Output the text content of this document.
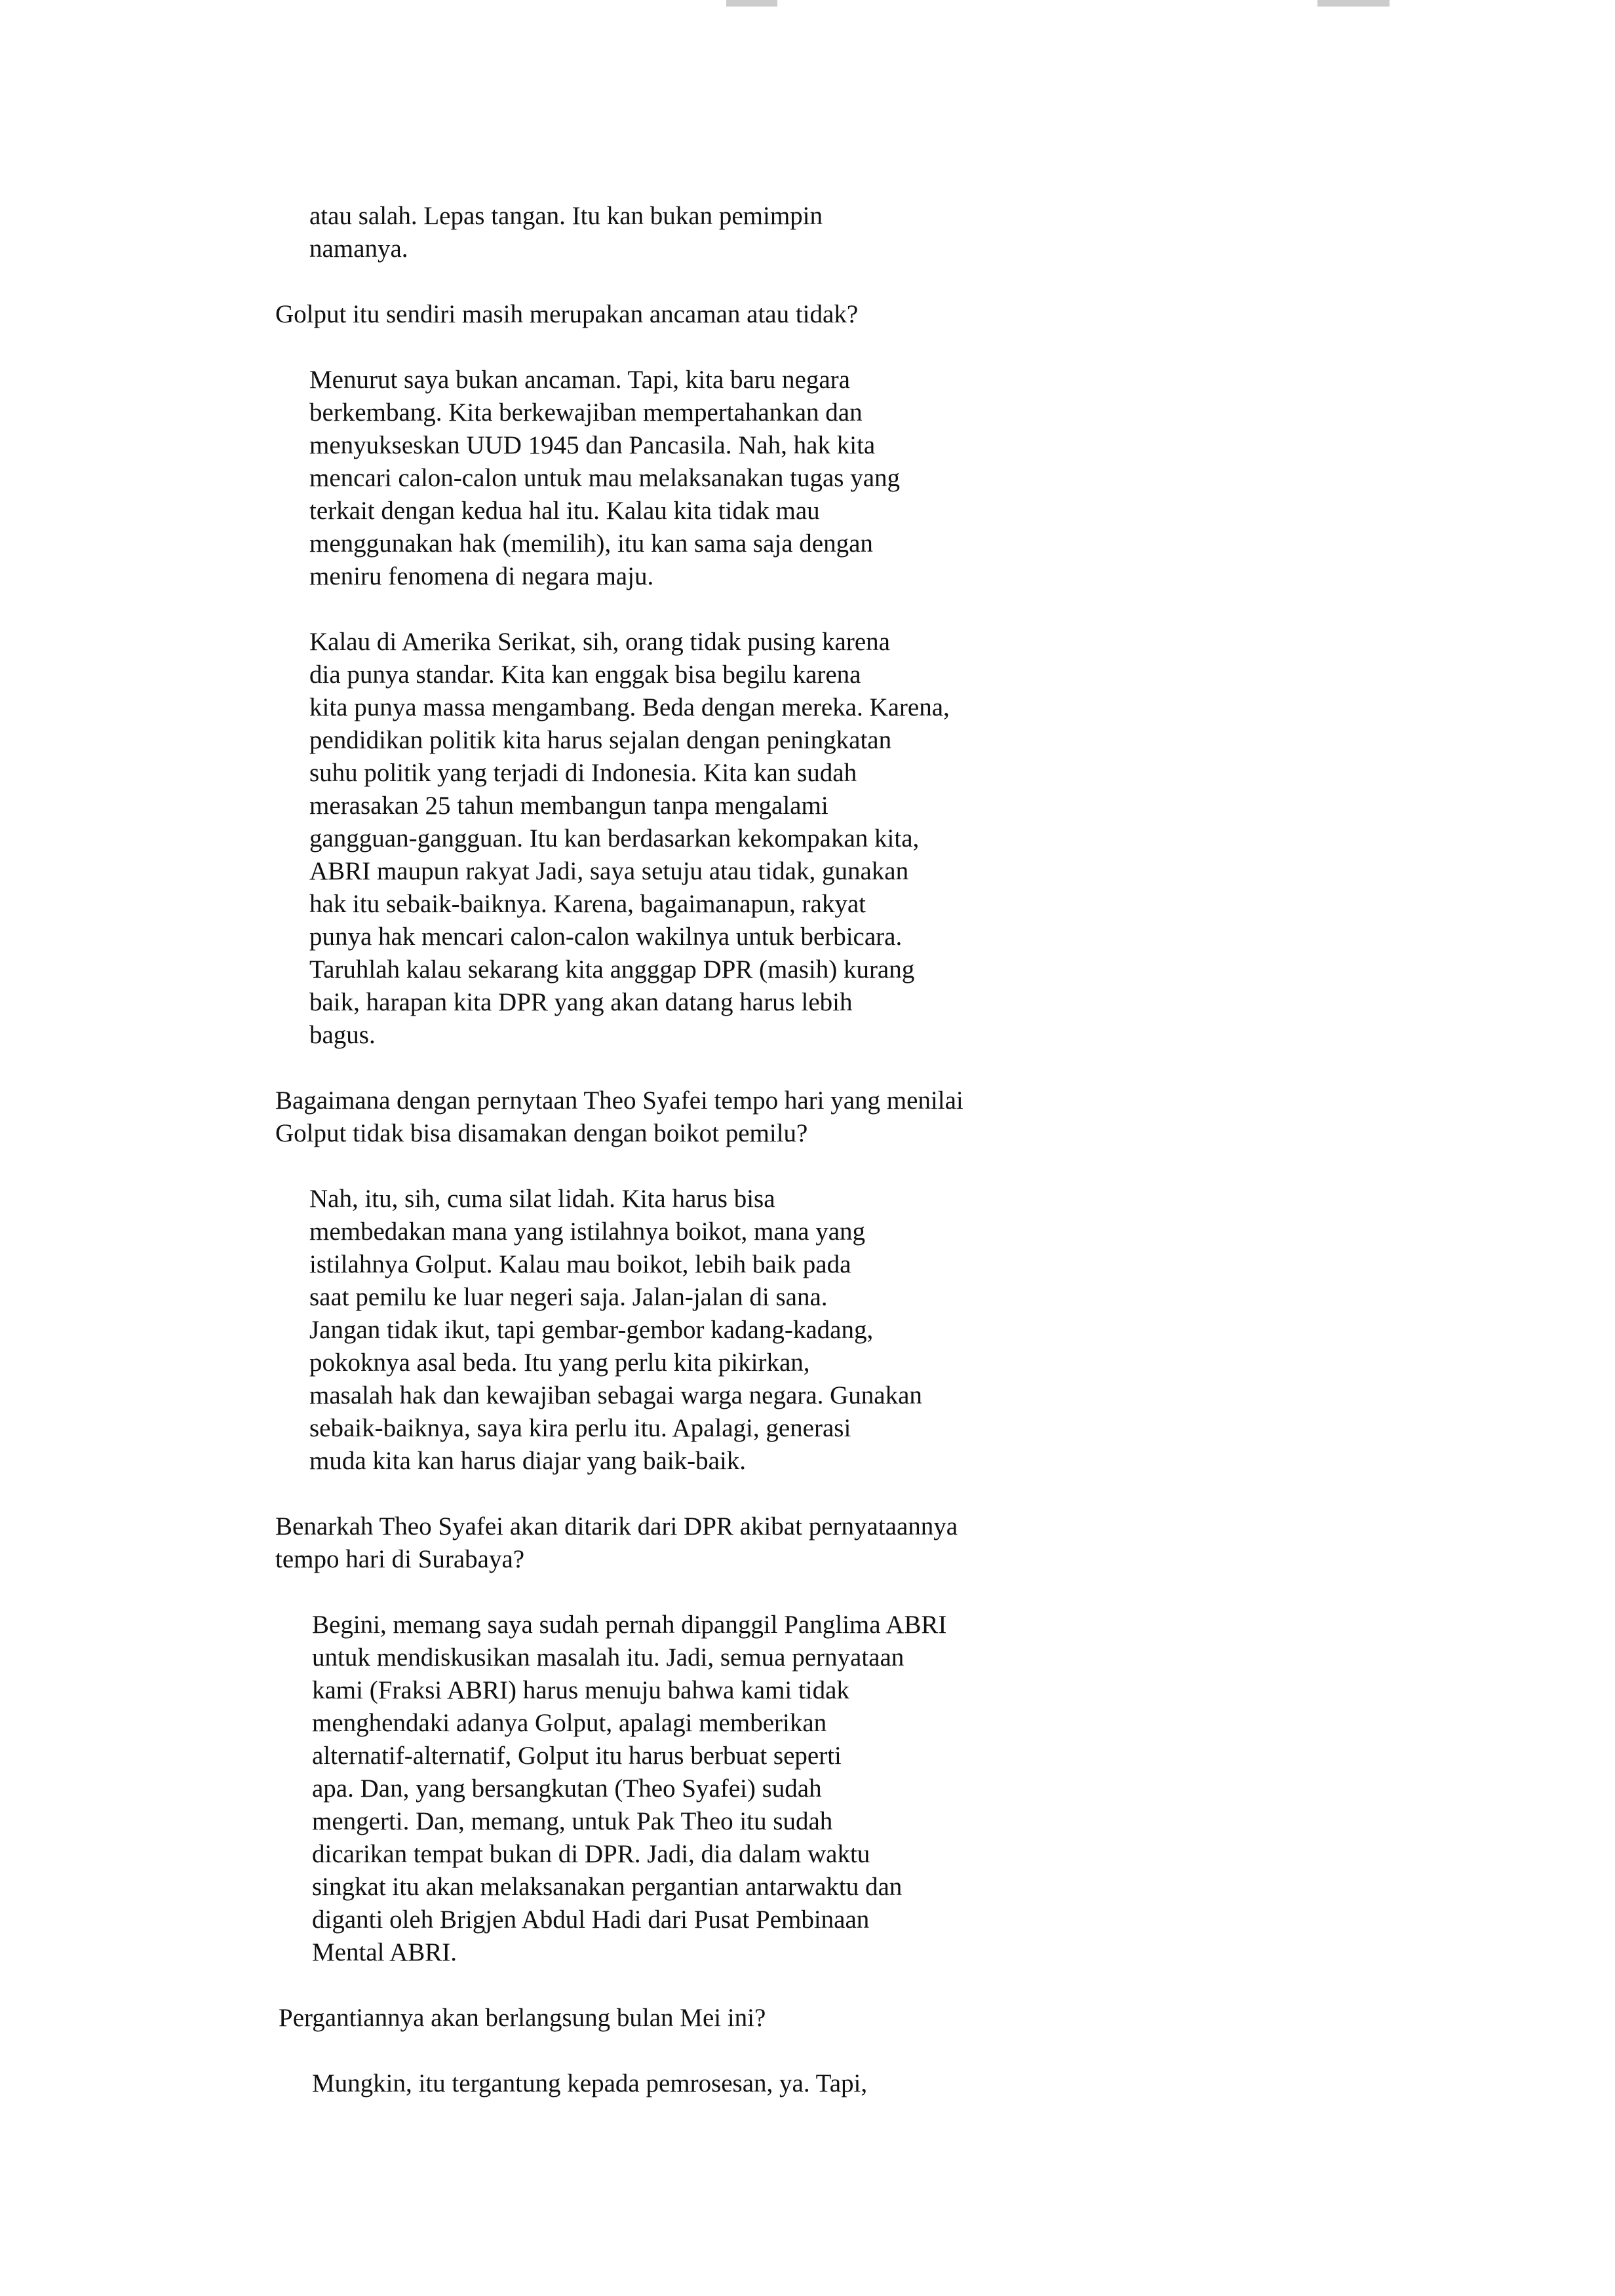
atau salah. Lepas tangan. Itu kan bukan pemimpin
namanya.
Golput itu sendiri masih merupakan ancaman atau tidak?
Menurut saya bukan ancaman. Tapi, kita baru negara
berkembang. Kita berkewajiban mempertahankan dan
menyukseskan UUD 1945 dan Pancasila. Nah, hak kita
mencari calon-calon untuk mau melaksanakan tugas yang
terkait dengan kedua hal itu. Kalau kita tidak mau
menggunakan hak (memilih), itu kan sama saja dengan
meniru fenomena di negara maju.
Kalau di Amerika Serikat, sih, orang tidak pusing karena
dia punya standar. Kita kan enggak bisa begilu karena
kita punya massa mengambang. Beda dengan mereka. Karena,
pendidikan politik kita harus sejalan dengan peningkatan
suhu politik yang terjadi di Indonesia. Kita kan sudah
merasakan 25 tahun membangun tanpa mengalami
gangguan-gangguan. Itu kan berdasarkan kekompakan kita,
ABRI maupun rakyat Jadi, saya setuju atau tidak, gunakan
hak itu sebaik-baiknya. Karena, bagaimanapun, rakyat
punya hak mencari calon-calon wakilnya untuk berbicara.
Taruhlah kalau sekarang kita angggap DPR (masih) kurang
baik, harapan kita DPR yang akan datang harus lebih
bagus.
Bagaimana dengan pernytaan Theo Syafei tempo hari yang menilai
Golput tidak bisa disamakan dengan boikot pemilu?
Nah, itu, sih, cuma silat lidah. Kita harus bisa
membedakan mana yang istilahnya boikot, mana yang
istilahnya Golput. Kalau mau boikot, lebih baik pada
saat pemilu ke luar negeri saja. Jalan-jalan di sana.
Jangan tidak ikut, tapi gembar-gembor kadang-kadang,
pokoknya asal beda. Itu yang perlu kita pikirkan,
masalah hak dan kewajiban sebagai warga negara. Gunakan
sebaik-baiknya, saya kira perlu itu. Apalagi, generasi
muda kita kan harus diajar yang baik-baik.
Benarkah Theo Syafei akan ditarik dari DPR akibat pernyataannya
tempo hari di Surabaya?
Begini, memang saya sudah pernah dipanggil Panglima ABRI
untuk mendiskusikan masalah itu. Jadi, semua pernyataan
kami (Fraksi ABRI) harus menuju bahwa kami tidak
menghendaki adanya Golput, apalagi memberikan
alternatif-alternatif, Golput itu harus berbuat seperti
apa. Dan, yang bersangkutan (Theo Syafei) sudah
mengerti. Dan, memang, untuk Pak Theo itu sudah
dicarikan tempat bukan di DPR. Jadi, dia dalam waktu
singkat itu akan melaksanakan pergantian antarwaktu dan
diganti oleh Brigjen Abdul Hadi dari Pusat Pembinaan
Mental ABRI.
Pergantiannya akan berlangsung bulan Mei ini?
Mungkin, itu tergantung kepada pemrosesan, ya. Tapi,
